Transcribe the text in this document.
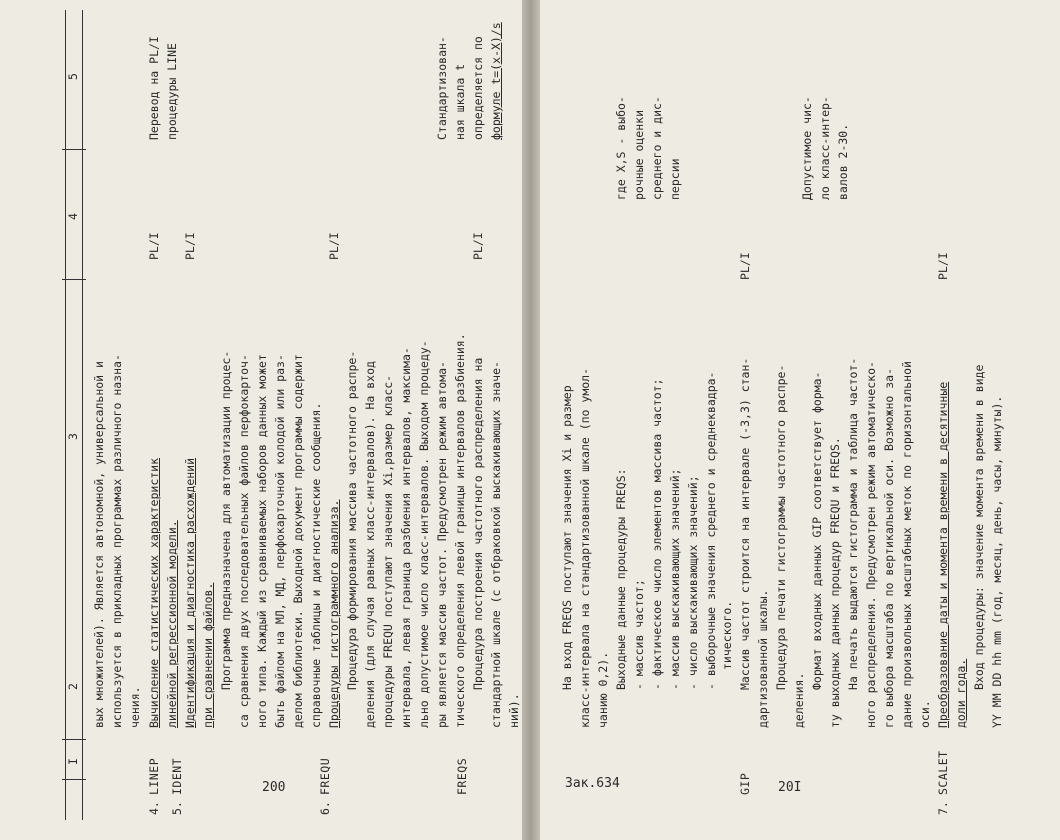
I
2
3
4
5
вых множителей). Является автономной, универсальной и используется в прикладных программах различного назна- чения.
4.
LINEP
Вычисление статистических характеристик линейной регрессионной модели.
PL/I
Перевод на PL/I процедуры LINE
5.
IDENT
Идентификация и диагностика расхождений при сравнении файлов. Программа предназначена для автоматизации процес- са сравнения двух последовательных файлов перфокарточ- ного типа. Каждый из сравниваемых наборов данных может быть файлом на МЛ, МД, перфокарточной колодой или раз- делом библиотеки. Выходной документ программы содержит справочные таблицы и диагностические сообщения.
PL/I
6.
FREQU
Процедуры гистограммного анализа. Процедура формирования массива частотного распре- деления (для случая равных класс-интервалов). На вход процедуры FREQU поступают значения Xi,размер класс- интервала, левая граница разбиения интервалов, максима- льно допустимое число класс-интервалов. Выходом процеду- ры является массив частот. Предусмотрен режим автома- тического определения левой границы интервалов разбиения.
PL/I
FREQS
Процедура построения частотного распределения на стандартной шкале (с отбраковкой выскакивающих значе- ний).
PL/I
Стандартизован- ная шкала t определяется по формуле t=(x-X)/s
200
На вход FREQS поступают значения Xi и размер класс-интервала на стандартизованной шкале (по умол- чанию 0,2). Выходные данные процедуры FREQS: - массив частот; - фактическое число элементов массива частот; - массив выскакивающих значений; - число выскакивающих значений; - выборочные значения среднего и среднеквадра- тического. Массив частот строится на интервале (-3,3) стан- дартизованной шкалы.
где X,S - выбо- рочные оценки среднего и дис- персии
GIP
Процедура печати гистограммы частотного распре-
деления.
Формат входных данных GIP соответствует форма- ту выходных данных процедур FREQU и FREQS. На печать выдаются гистограмма и таблица частот- ного распределения. Предусмотрен режим автоматическо- го выбора масштаба по вертикальной оси. Возможно за- дание произвольных масштабных меток по горизонтальной оси.
PL/I
Допустимое чис- ло класс-интер- валов 2-30.
7.
SCALET
Преобразование даты и момента времени в десятичные доли года.
Вход процедуры: значение момента времени в виде YY MM DD hh mm (год, месяц, день, часы, минуты).
PL/I
Зак.634	20I
